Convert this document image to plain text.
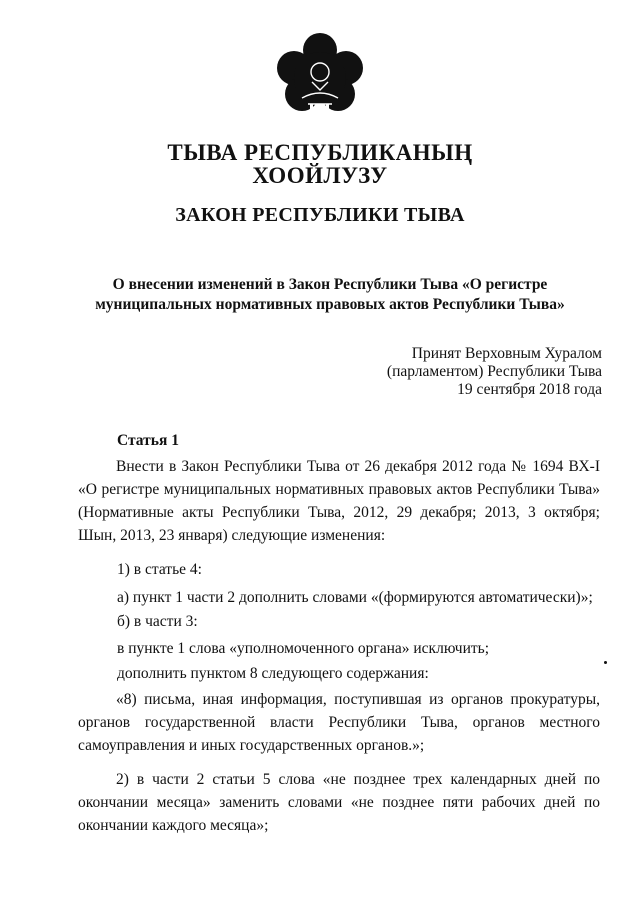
ТЫВА РЕСПУБЛИКАНЫҢ
ХООЙЛУЗУ
ЗАКОН РЕСПУБЛИКИ ТЫВА
О внесении изменений в Закон Республики Тыва «О регистре
муниципальных нормативных правовых актов Республики Тыва»
Принят Верховным Хуралом
(парламентом) Республики Тыва
19 сентября 2018 года
Статья 1
Внести в Закон Республики Тыва от 26 декабря 2012 года № 1694 ВХ-I «О регистре муниципальных нормативных правовых актов Республики Тыва» (Нормативные акты Республики Тыва, 2012, 29 декабря; 2013, 3 октября; Шын, 2013, 23 января) следующие изменения:
1) в статье 4:
а) пункт 1 части 2 дополнить словами «(формируются автоматически)»;
б) в части 3:
в пункте 1 слова «уполномоченного органа» исключить;
дополнить пунктом 8 следующего содержания:
«8) письма, иная информация, поступившая из органов прокуратуры, органов государственной власти Республики Тыва, органов местного самоуправления и иных государственных органов.»;
2) в части 2 статьи 5 слова «не позднее трех календарных дней по окончании месяца» заменить словами «не позднее пяти рабочих дней по окончании каждого месяца»;
